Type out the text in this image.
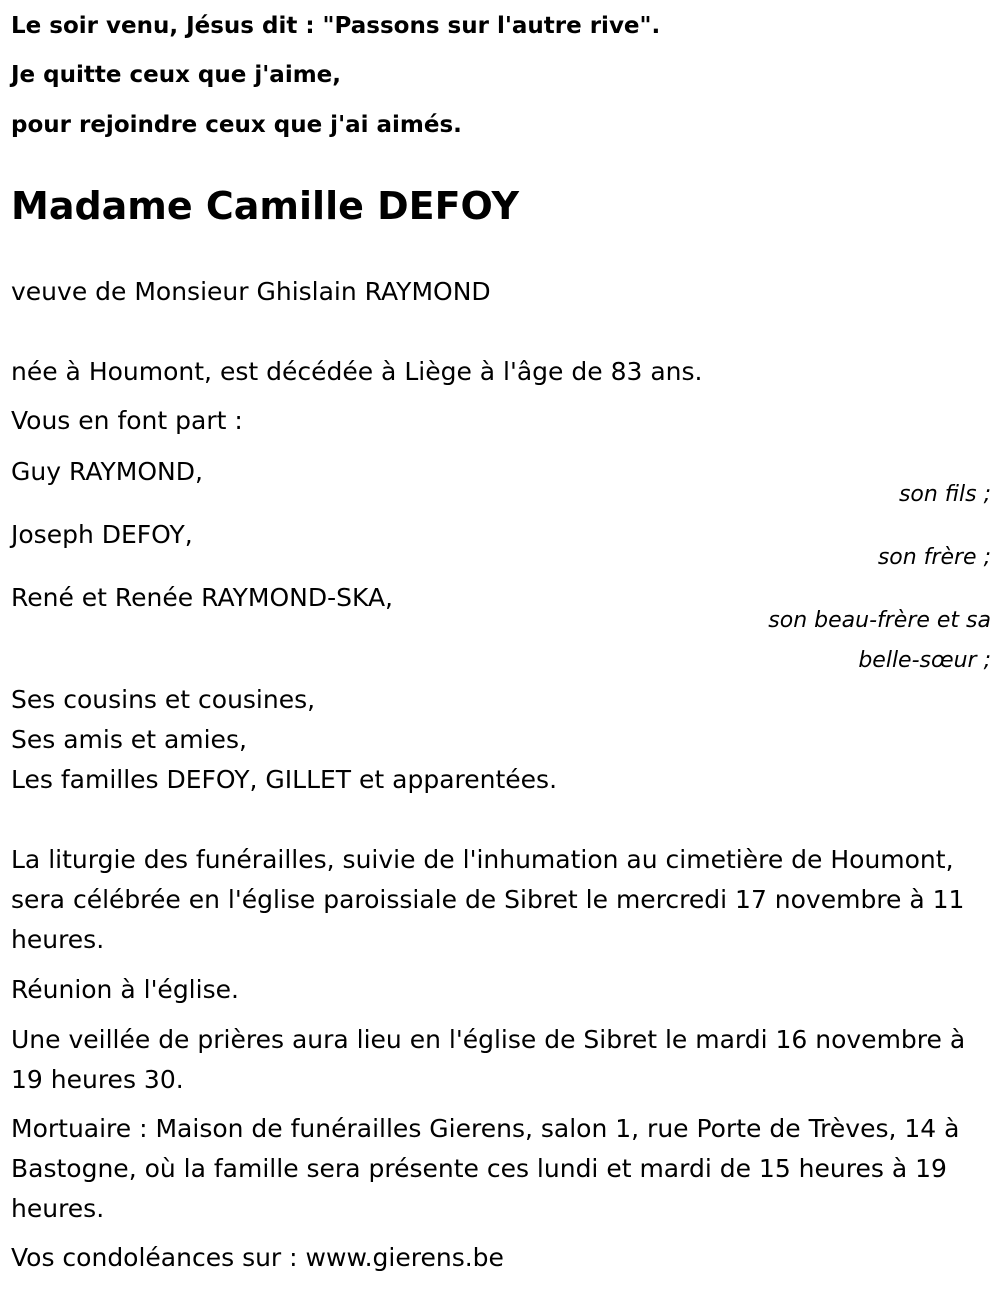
Le soir venu, Jésus dit : "Passons sur l'autre rive".

Je quitte ceux que j'aime,

pour rejoindre ceux que j'ai aimés.

Madame Camille DEFOY

veuve de Monsieur Ghislain RAYMOND

née à Houmont, est décédée à Liège à l'âge de 83 ans.

Vous en font part :

Guy RAYMOND,

son fils ;

Joseph DEFOY,

son frère ;

René et Renée RAYMOND-SKA,

son beau-frère et sa

belle-sœur ;

Ses cousins et cousines,

Ses amis et amies,

Les familles DEFOY, GILLET et apparentées.

La liturgie des funérailles, suivie de l'inhumation au cimetière de Houmont, sera célébrée en l'église paroissiale de Sibret le mercredi 17 novembre à 11 heures.

Réunion à l'église.

Une veillée de prières aura lieu en l'église de Sibret le mardi 16 novembre à 19 heures 30.

Mortuaire : Maison de funérailles Gierens, salon 1, rue Porte de Trèves, 14 à Bastogne, où la famille sera présente ces lundi et mardi de 15 heures à 19 heures.

Vos condoléances sur : www.gierens.be
